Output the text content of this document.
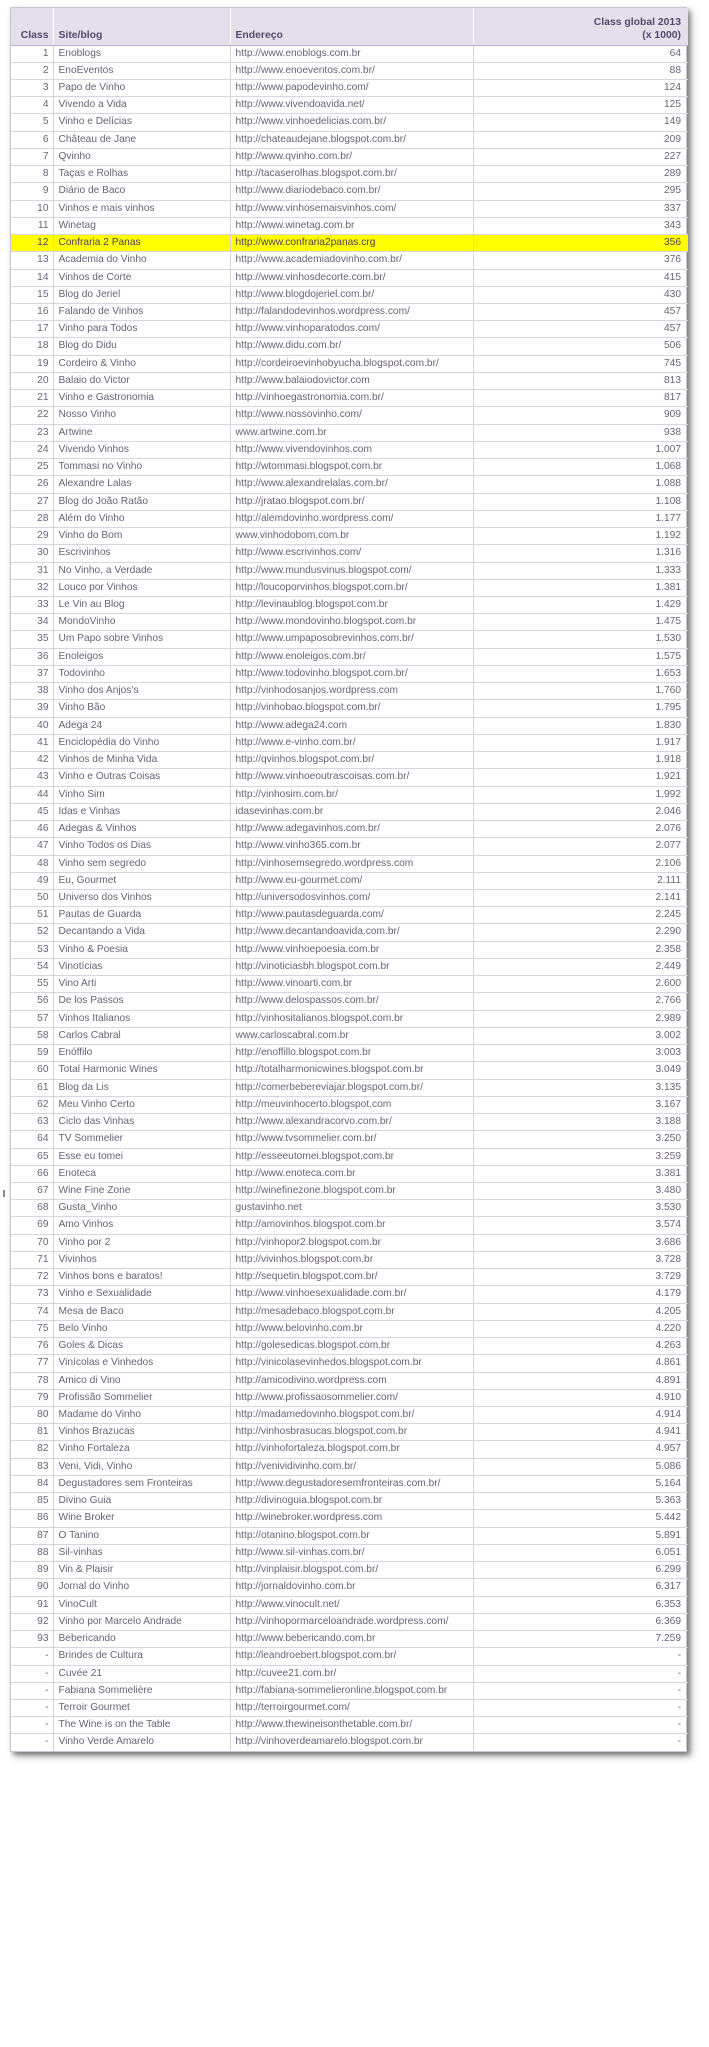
Class	Site/blog	Endereço	Class global 2013
(x 1000)

1	Enoblogs	http://www.enoblogs.com.br	64
2	EnoEventos	http://www.enoeventos.com.br/	88
3	Papo de Vinho	http://www.papodevinho.com/	124
4	Vivendo a Vida	http://www.vivendoavida.net/	125
5	Vinho e Delícias	http://www.vinhoedelicias.com.br/	149
6	Château de Jane	http://chateaudejane.blogspot.com.br/	209
7	Qvinho	http://www.qvinho.com.br/	227
8	Taças e Rolhas	http://tacaserolhas.blogspot.com.br/	289
9	Diário de Baco	http://www.diariodebaco.com.br/	295
10	Vinhos e mais vinhos	http://www.vinhosemaisvinhos.com/	337
11	Winetag	http://www.winetag.com.br	343
12	Confraria 2 Panas	http://www.confraria2panas.crg	356
13	Academia do Vinho	http://www.academiadovinho.com.br/	376
14	Vinhos de Corte	http://www.vinhosdecorte.com.br/	415
15	Blog do Jeriel	http://www.blogdojeriel.com.br/	430
16	Falando de Vinhos	http://falandodevinhos.wordpress.com/	457
17	Vinho para Todos	http://www.vinhoparatodos.com/	457
18	Blog do Didu	http://www.didu.com.br/	506
19	Cordeiro & Vinho	http://cordeiroevinhobyucha.blogspot.com.br/	745
20	Balaio do Victor	http://www.balaiodovictor.com	813
21	Vinho e Gastronomia	http://vinhoegastronomia.com.br/	817
22	Nosso Vinho	http://www.nossovinho.com/	909
23	Artwine	www.artwine.com.br	938
24	Vivendo Vinhos	http://www.vivendovinhos.com	1.007
25	Tommasi no Vinho	http://wtommasi.blogspot.com.br	1.068
26	Alexandre Lalas	http://www.alexandrelalas.com.br/	1.088
27	Blog do João Ratão	http://jratao.blogspot.com.br/	1.108
28	Além do Vinho	http://alemdovinho.wordpress.com/	1.177
29	Vinho do Bom	www.vinhodobom.com.br	1.192
30	Escrivinhos	http://www.escrivinhos.com/	1.316
31	No Vinho, a Verdade	http://www.mundusvinus.blogspot.com/	1.333
32	Louco por Vinhos	http://loucoporvinhos.blogspot.com.br/	1.381
33	Le Vin au Blog	http://levinaublog.blogspot.com.br	1.429
34	MondoVinho	http://www.mondovinho.blogspot.com.br	1.475
35	Um Papo sobre Vinhos	http://www.umpaposobrevinhos.com.br/	1.530
36	Enoleigos	http://www.enoleigos.com.br/	1.575
37	Todovinho	http://www.todovinho.blogspot.com.br/	1.653
38	Vinho dos Anjos's	http://vinhodosanjos.wordpress.com	1.760
39	Vinho Bão	http://vinhobao.blogspot.com.br/	1.795
40	Adega 24	http://www.adega24.com	1.830
41	Enciclopédia do Vinho	http://www.e-vinho.com.br/	1.917
42	Vinhos de Minha Vida	http://qvinhos.blogspot.com.br/	1.918
43	Vinho e Outras Coisas	http://www.vinhoeoutrascoisas.com.br/	1.921
44	Vinho Sim	http://vinhosim.com.br/	1.992
45	Idas e Vinhas	idasevinhas.com.br	2.046
46	Adegas & Vinhos	http://www.adegavinhos.com.br/	2.076
47	Vinho Todos os Dias	http://www.vinho365.com.br	2.077
48	Vinho sem segredo	http://vinhosemsegredo.wordpress.com	2.106
49	Eu, Gourmet	http://www.eu-gourmet.com/	2.111
50	Universo dos Vinhos	http://universodosvinhos.com/	2.141
51	Pautas de Guarda	http://www.pautasdeguarda.com/	2.245
52	Decantando a Vida	http://www.decantandoavida.com.br/	2.290
53	Vinho & Poesia	http://www.vinhoepoesia.com.br	2.358
54	Vinotícias	http://vinoticiasbh.blogspot.com.br	2.449
55	Vino Arti	http://www.vinoarti.com.br	2.600
56	De los Passos	http://www.delospassos.com.br/	2.766
57	Vinhos Italianos	http://vinhositalianos.blogspot.com.br	2.989
58	Carlos Cabral	www.carloscabral.com.br	3.002
59	Enóffilo	http://enoffillo.blogspot.com.br	3.003
60	Total Harmonic Wines	http://totalharmonicwines.blogspot.com.br	3.049
61	Blog da Lis	http://comerbebereviajar.blogspot.com.br/	3.135
62	Meu Vinho Certo	http://meuvinhocerto.blogspot.com	3.167
63	Ciclo das Vinhas	http://www.alexandracorvo.com.br/	3.188
64	TV Sommelier	http://www.tvsommelier.com.br/	3.250
65	Esse eu tomei	http://esseeutomei.blogspot.com.br	3.259
66	Enoteca	http://www.enoteca.com.br	3.381
67	Wine Fine Zone	http://winefinezone.blogspot.com.br	3.480
68	Gusta_Vinho	gustavinho.net	3.530
69	Amo Vinhos	http://amovinhos.blogspot.com.br	3.574
70	Vinho por 2	http://vinhopor2.blogspot.com.br	3.686
71	Vivinhos	http://vivinhos.blogspot.com.br	3.728
72	Vinhos bons e baratos!	http://sequetin.blogspot.com.br/	3.729
73	Vinho e Sexualidade	http://www.vinhoesexualidade.com.br/	4.179
74	Mesa de Baco	http://mesadebaco.blogspot.com.br	4.205
75	Belo Vinho	http://www.belovinho.com.br	4.220
76	Goles & Dicas	http://golesedicas.blogspot.com.br	4.263
77	Vinícolas e Vinhedos	http://vinicolasevinhedos.blogspot.com.br	4.861
78	Amico di Vino	http://amicodivino.wordpress.com	4.891
79	Profissão Sommelier	http://www.profissaosommelier.com/	4.910
80	Madame do Vinho	http://madamedovinho.blogspot.com.br/	4.914
81	Vinhos Brazucas	http://vinhosbrasucas.blogspot.com.br	4.941
82	Vinho Fortaleza	http://vinhofortaleza.blogspot.com.br	4.957
83	Veni, Vidi, Vinho	http://venividivinho.com.br/	5.086
84	Degustadores sem Fronteiras	http://www.degustadoresemfronteiras.com.br/	5.164
85	Divino Guia	http://divinoguia.blogspot.com.br	5.363
86	Wine Broker	http://winebroker.wordpress.com	5.442
87	O Tanino	http://otanino.blogspot.com.br	5.891
88	Sil-vinhas	http://www.sil-vinhas.com.br/	6.051
89	Vin & Plaisir	http://vinplaisir.blogspot.com.br/	6.299
90	Jornal do Vinho	http://jornaldovinho.com.br	6.317
91	VinoCult	http://www.vinocult.net/	6.353
92	Vinho por Marcelo Andrade	http://vinhopormarceloandrade.wordpress.com/	6.369
93	Bebericando	http://www.bebericando.com.br	7.259
-	Brindes de Cultura	http://leandroebert.blogspot.com.br/	-
-	Cuvée 21	http://cuvee21.com.br/	-
-	Fabiana Sommelière	http://fabiana-sommelieronline.blogspot.com.br	-
-	Terroir Gourmet	http://terroirgourmet.com/	-
-	The Wine is on the Table	http://www.thewineisonthetable.com.br/	-
-	Vinho Verde Amarelo	http://vinhoverdeamarelo.blogspot.com.br	-
